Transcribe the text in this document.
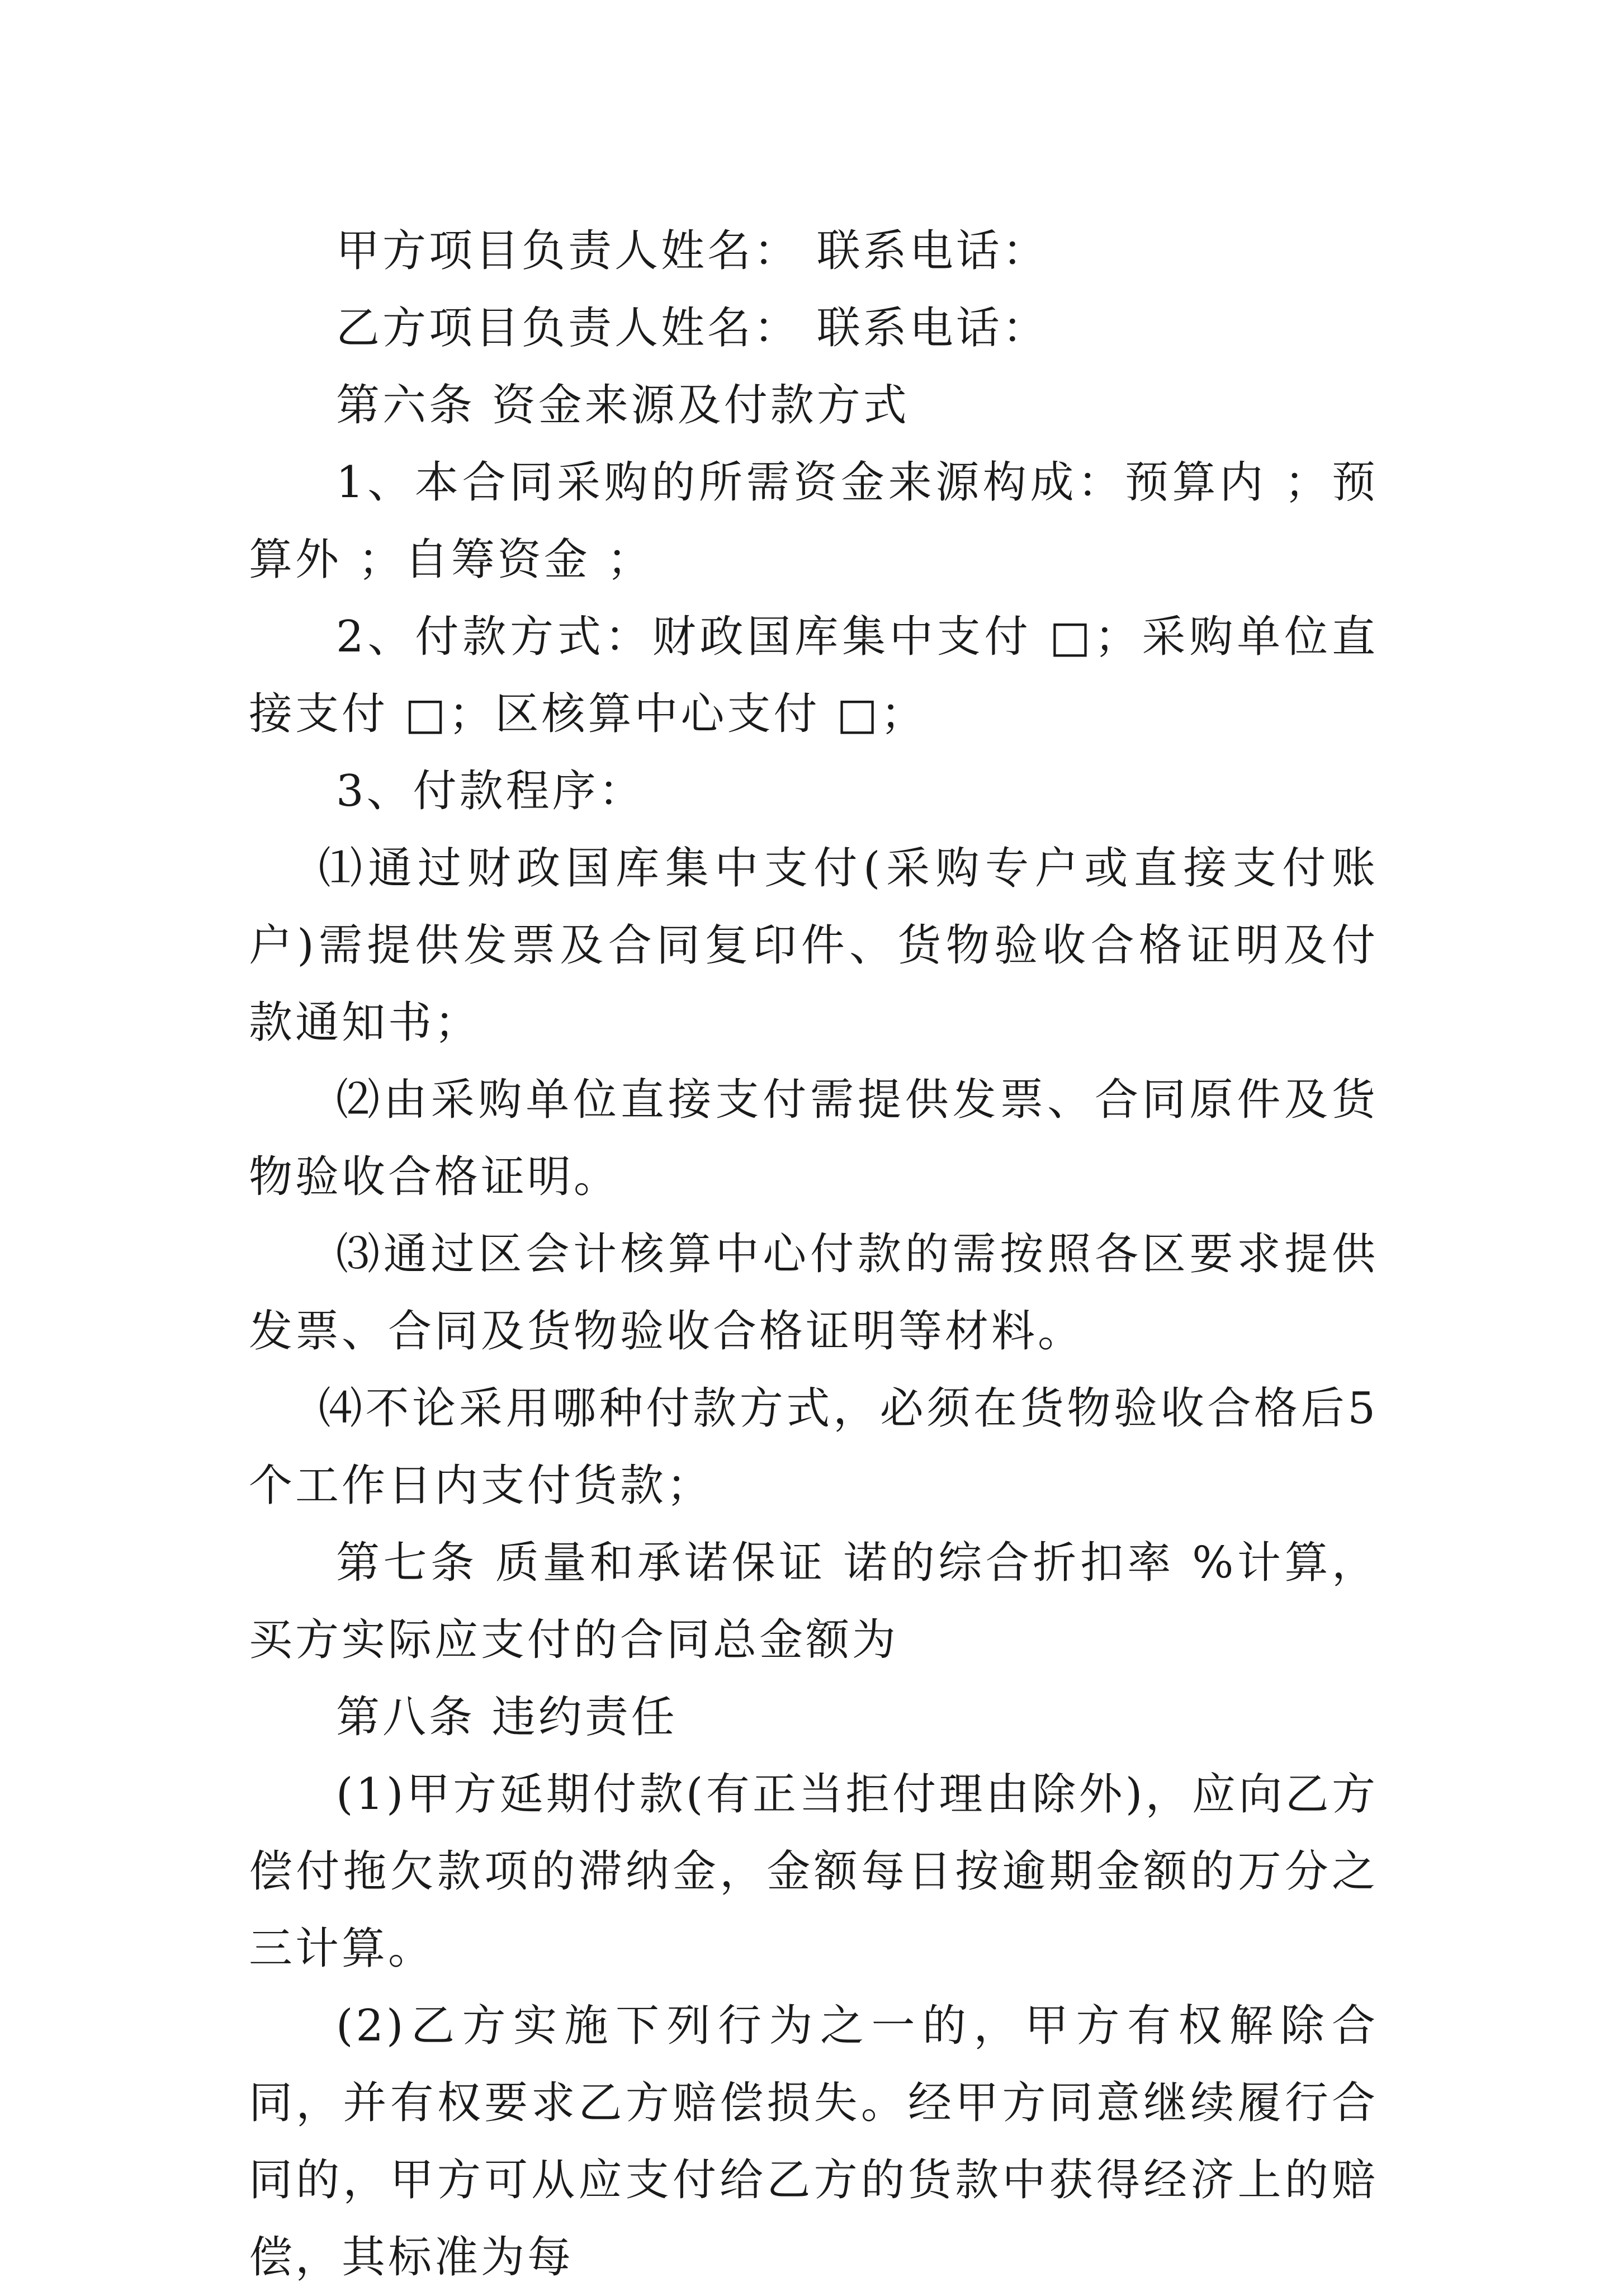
甲方项目负责人姓名： 联系电话：

乙方项目负责人姓名： 联系电话：

第六条 资金来源及付款方式

1、本合同采购的所需资金来源构成：预算内 ；预算外 ；自筹资金 ；

2、付款方式：财政国库集中支付 □；采购单位直接支付 □；区核算中心支付 □；

3、付款程序：

⑴通过财政国库集中支付(采购专户或直接支付账户)需提供发票及合同复印件、货物验收合格证明及付款通知书；

⑵由采购单位直接支付需提供发票、合同原件及货物验收合格证明。

⑶通过区会计核算中心付款的需按照各区要求提供发票、合同及货物验收合格证明等材料。

⑷不论采用哪种付款方式，必须在货物验收合格后5个工作日内支付货款；

第七条 质量和承诺保证 诺的综合折扣率 %计算，买方实际应支付的合同总金额为

第八条 违约责任

(1)甲方延期付款(有正当拒付理由除外)，应向乙方偿付拖欠款项的滞纳金，金额每日按逾期金额的万分之三计算。

(2)乙方实施下列行为之一的，甲方有权解除合同，并有权要求乙方赔偿损失。经甲方同意继续履行合同的，甲方可从应支付给乙方的货款中获得经济上的赔偿，其标准为每
